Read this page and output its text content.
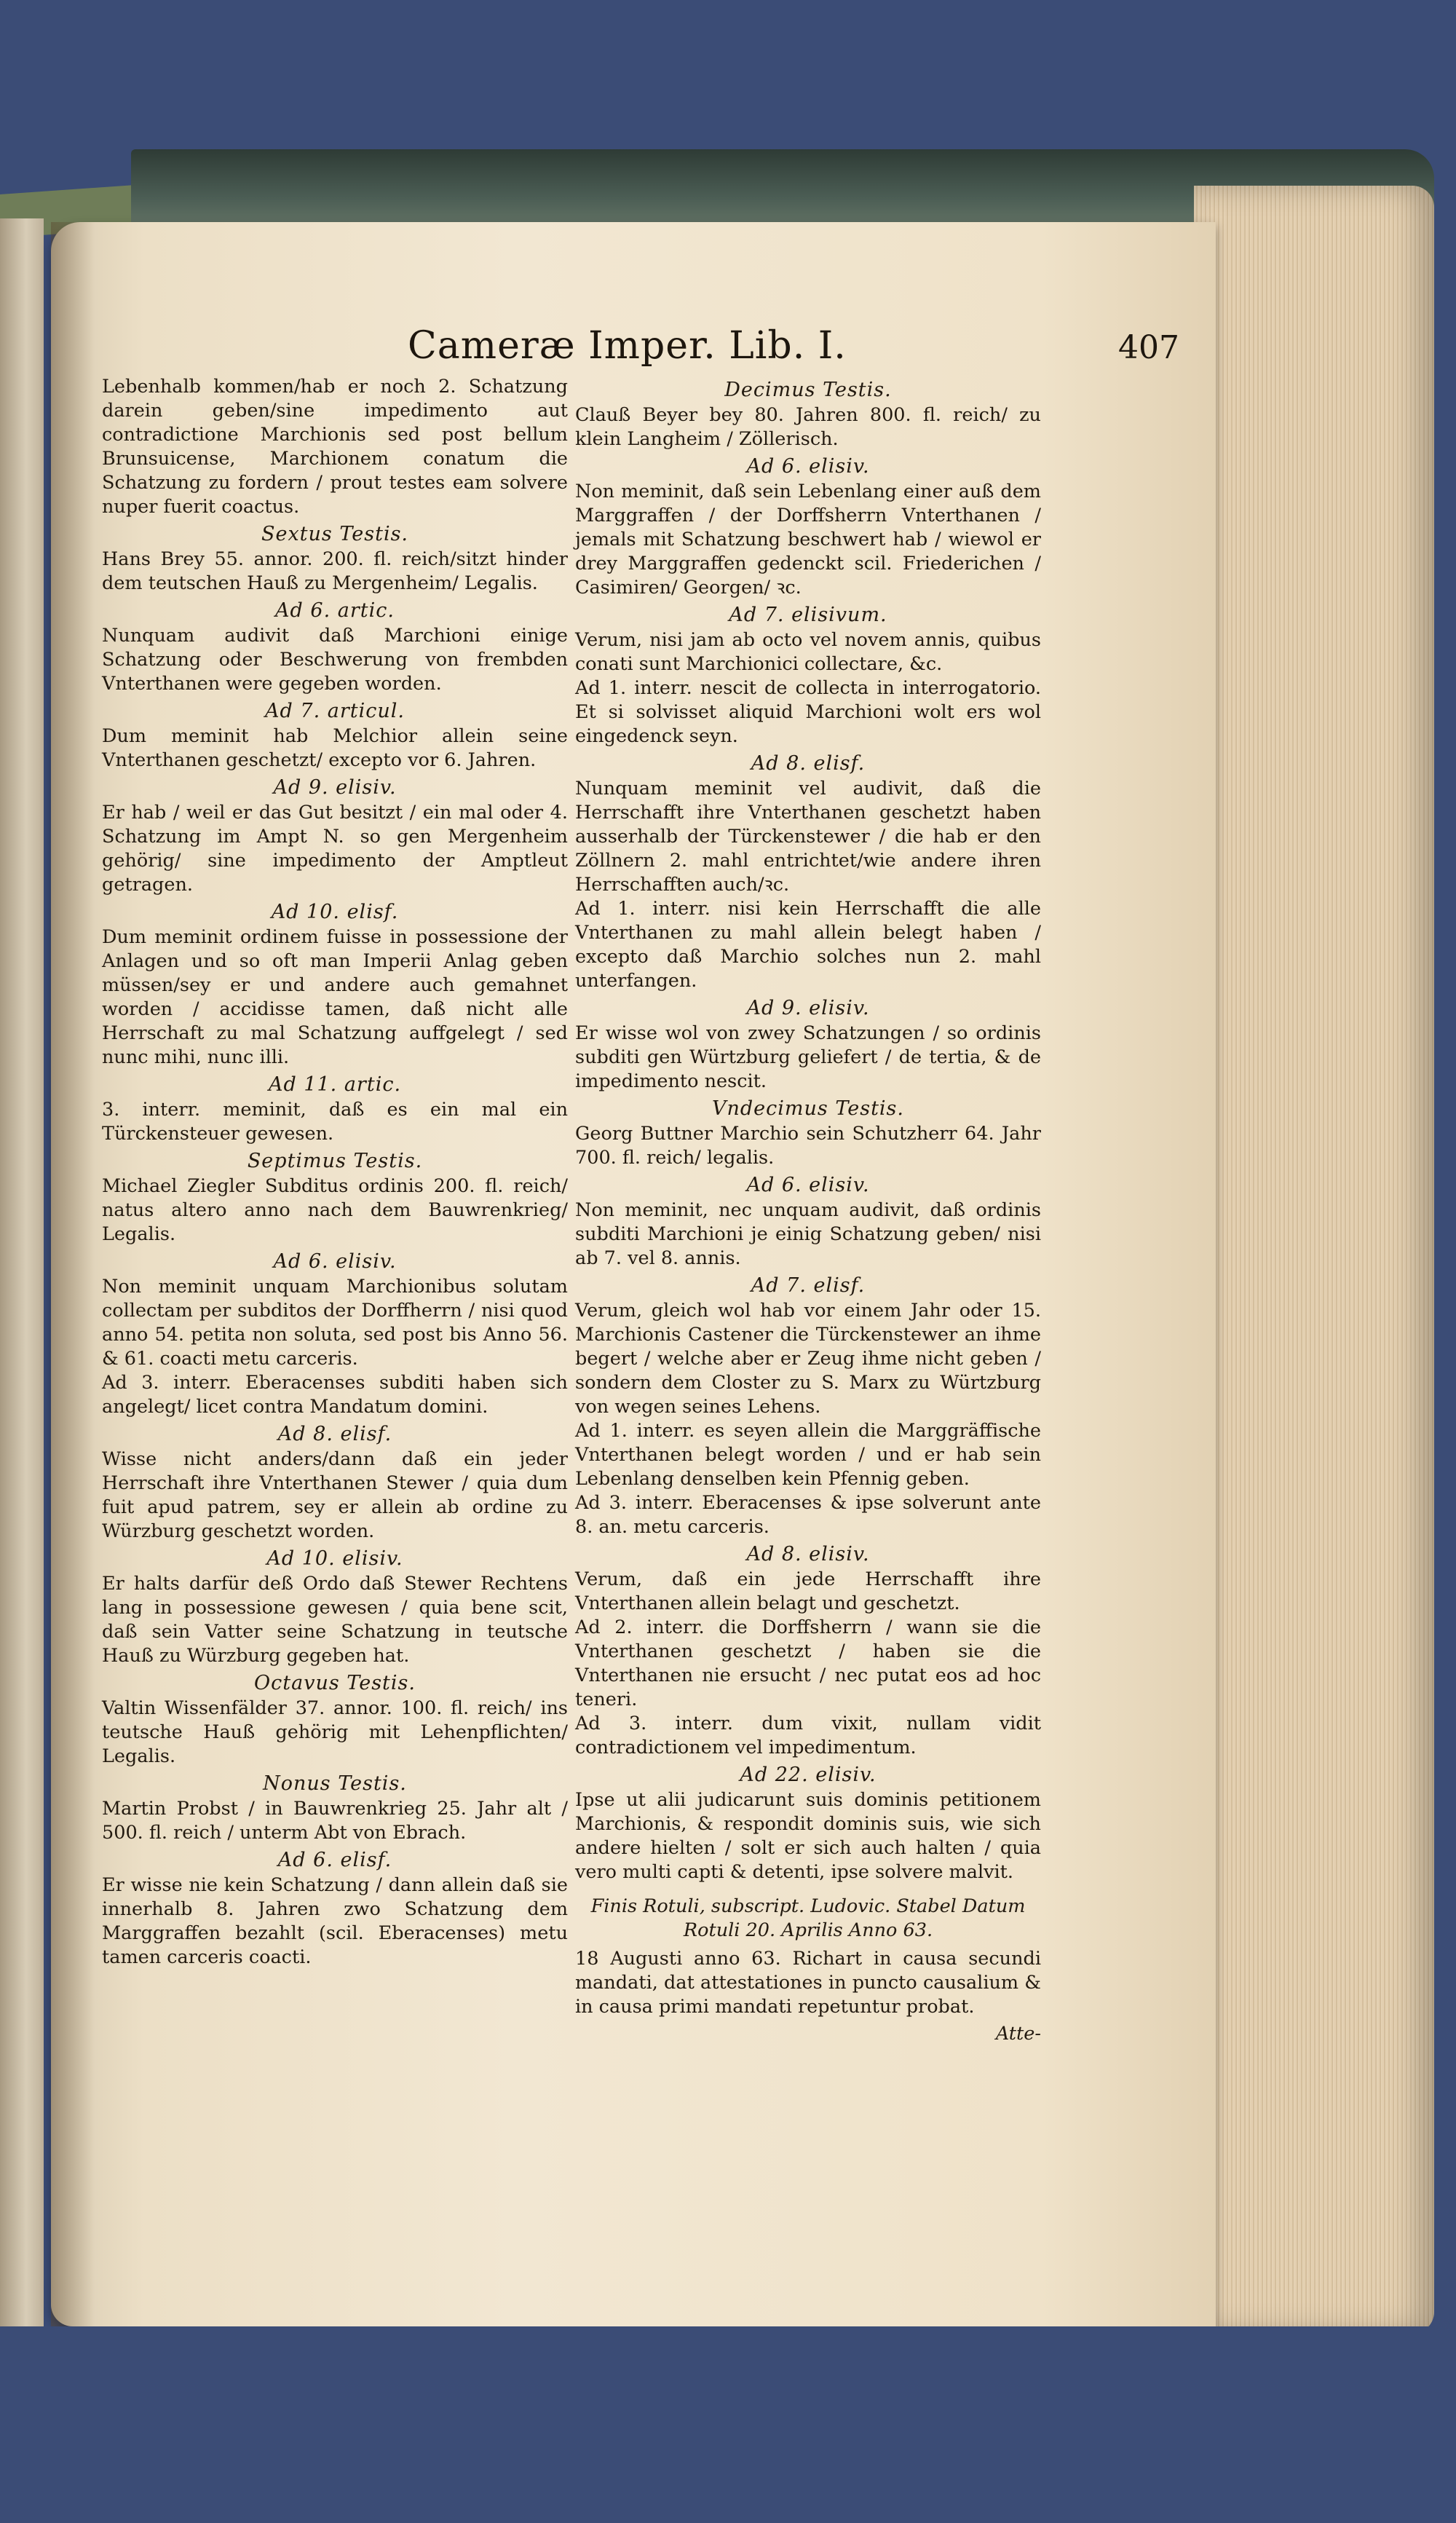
Cameræ Imper. Lib. I.	407
Lebenhalb kommen/hab er noch 2. Schatzung darein geben/sine impedimento aut contradictione Marchionis sed post bellum Brunsuicense, Marchionem conatum die Schatzung zu fordern / prout testes eam solvere nuper fuerit coactus.
Sextus Testis.
Hans Brey 55. annor. 200. fl. reich/sitzt hinder dem teutschen Hauß zu Mergenheim/ Legalis.
Ad 6. artic.
Nunquam audivit daß Marchioni einige Schatzung oder Beschwerung von frembden Vnterthanen were gegeben worden.
Ad 7. articul.
Dum meminit hab Melchior allein seine Vnterthanen geschetzt/ excepto vor 6. Jahren.
Ad 9. elisiv.
Er hab / weil er das Gut besitzt / ein mal oder 4. Schatzung im Ampt N. so gen Mergenheim gehörig/ sine impedimento der Amptleut getragen.
Ad 10. elisf.
Dum meminit ordinem fuisse in possessione der Anlagen und so oft man Imperii Anlag geben müssen/sey er und andere auch gemahnet worden / accidisse tamen, daß nicht alle Herrschaft zu mal Schatzung auffgelegt / sed nunc mihi, nunc illi.
Ad 11. artic.
3. interr. meminit, daß es ein mal ein Türckensteuer gewesen.
Septimus Testis.
Michael Ziegler Subditus ordinis 200. fl. reich/ natus altero anno nach dem Bauwrenkrieg/ Legalis.
Ad 6. elisiv.
Non meminit unquam Marchionibus solutam collectam per subditos der Dorffherrn / nisi quod anno 54. petita non soluta, sed post bis Anno 56. & 61. coacti metu carceris.
Ad 3. interr. Eberacenses subditi haben sich angelegt/ licet contra Mandatum domini.
Ad 8. elisf.
Wisse nicht anders/dann daß ein jeder Herrschaft ihre Vnterthanen Stewer / quia dum fuit apud patrem, sey er allein ab ordine zu Würzburg geschetzt worden.
Ad 10. elisiv.
Er halts darfür deß Ordo daß Stewer Rechtens lang in possessione gewesen / quia bene scit, daß sein Vatter seine Schatzung in teutsche Hauß zu Würzburg gegeben hat.
Octavus Testis.
Valtin Wissenfälder 37. annor. 100. fl. reich/ ins teutsche Hauß gehörig mit Lehenpflichten/ Legalis.
Nonus Testis.
Martin Probst / in Bauwrenkrieg 25. Jahr alt / 500. fl. reich / unterm Abt von Ebrach.
Ad 6. elisf.
Er wisse nie kein Schatzung / dann allein daß sie innerhalb 8. Jahren zwo Schatzung dem Marggraffen bezahlt (scil. Eberacenses) metu tamen carceris coacti.
Decimus Testis.
Clauß Beyer bey 80. Jahren 800. fl. reich/ zu klein Langheim / Zöllerisch.
Ad 6. elisiv.
Non meminit, daß sein Lebenlang einer auß dem Marggraffen / der Dorffsherrn Vnterthanen / jemals mit Schatzung beschwert hab / wiewol er drey Marggraffen gedenckt scil. Friederichen / Casimiren/ Georgen/ ꝛc.
Ad 7. elisivum.
Verum, nisi jam ab octo vel novem annis, quibus conati sunt Marchionici collectare, &c.
Ad 1. interr. nescit de collecta in interrogatorio. Et si solvisset aliquid Marchioni wolt ers wol eingedenck seyn.
Ad 8. elisf.
Nunquam meminit vel audivit, daß die Herrschafft ihre Vnterthanen geschetzt haben ausserhalb der Türckenstewer / die hab er den Zöllnern 2. mahl entrichtet/wie andere ihren Herrschafften auch/ꝛc.
Ad 1. interr. nisi kein Herrschafft die alle Vnterthanen zu mahl allein belegt haben / excepto daß Marchio solches nun 2. mahl unterfangen.
Ad 9. elisiv.
Er wisse wol von zwey Schatzungen / so ordinis subditi gen Würtzburg geliefert / de tertia, & de impedimento nescit.
Vndecimus Testis.
Georg Buttner Marchio sein Schutzherr 64. Jahr 700. fl. reich/ legalis.
Ad 6. elisiv.
Non meminit, nec unquam audivit, daß ordinis subditi Marchioni je einig Schatzung geben/ nisi ab 7. vel 8. annis.
Ad 7. elisf.
Verum, gleich wol hab vor einem Jahr oder 15. Marchionis Castener die Türckenstewer an ihme begert / welche aber er Zeug ihme nicht geben / sondern dem Closter zu S. Marx zu Würtzburg von wegen seines Lehens.
Ad 1. interr. es seyen allein die Marggräffische Vnterthanen belegt worden / und er hab sein Lebenlang denselben kein Pfennig geben.
Ad 3. interr. Eberacenses & ipse solverunt ante 8. an. metu carceris.
Ad 8. elisiv.
Verum, daß ein jede Herrschafft ihre Vnterthanen allein belagt und geschetzt.
Ad 2. interr. die Dorffsherrn / wann sie die Vnterthanen geschetzt / haben sie die Vnterthanen nie ersucht / nec putat eos ad hoc teneri.
Ad 3. interr. dum vixit, nullam vidit contradictionem vel impedimentum.
Ad 22. elisiv.
Ipse ut alii judicarunt suis dominis petitionem Marchionis, & respondit dominis suis, wie sich andere hielten / solt er sich auch halten / quia vero multi capti & detenti, ipse solvere malvit.
Finis Rotuli, subscript. Ludovic. Stabel Datum Rotuli 20. Aprilis Anno 63.
18 Augusti anno 63. Richart in causa secundi mandati, dat attestationes in puncto causalium & in causa primi mandati repetuntur probat.
Atte-
